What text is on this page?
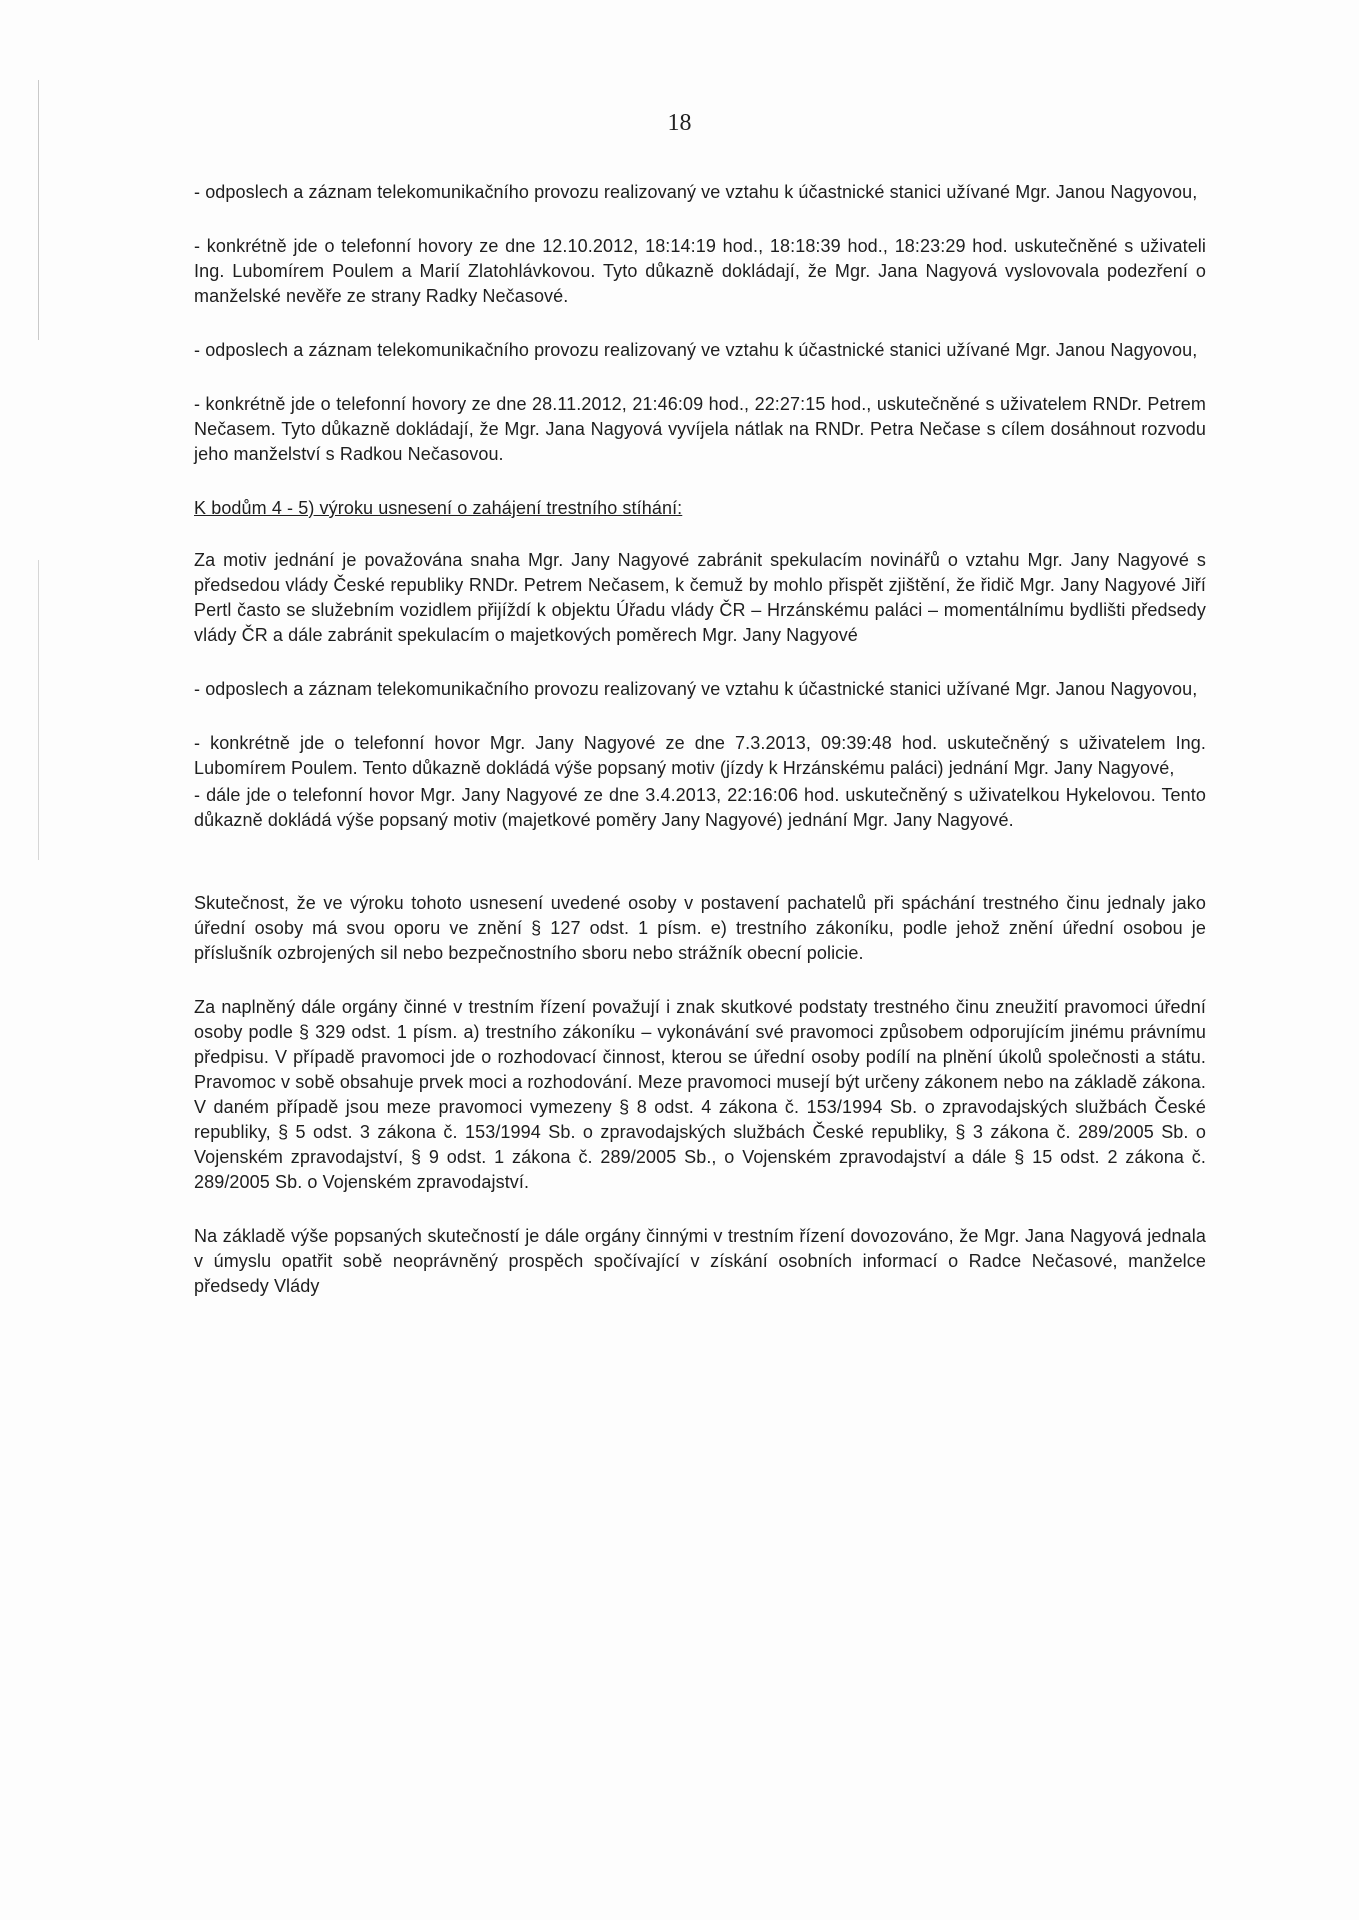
18

- odposlech a záznam telekomunikačního provozu realizovaný ve vztahu k účastnické stanici užívané Mgr. Janou Nagyovou,

- konkrétně jde o telefonní hovory ze dne 12.10.2012, 18:14:19 hod., 18:18:39 hod., 18:23:29 hod. uskutečněné s uživateli Ing. Lubomírem Poulem a Marií Zlatohlávkovou. Tyto důkazně dokládají, že Mgr. Jana Nagyová vyslovovala podezření o manželské nevěře ze strany Radky Nečasové.

- odposlech a záznam telekomunikačního provozu realizovaný ve vztahu k účastnické stanici užívané Mgr. Janou Nagyovou,

- konkrétně jde o telefonní hovory ze dne 28.11.2012, 21:46:09 hod., 22:27:15 hod., uskutečněné s uživatelem RNDr. Petrem Nečasem. Tyto důkazně dokládají, že Mgr. Jana Nagyová vyvíjela nátlak na RNDr. Petra Nečase s cílem dosáhnout rozvodu jeho manželství s Radkou Nečasovou.

K bodům 4 - 5) výroku usnesení o zahájení trestního stíhání:

Za motiv jednání je považována snaha Mgr. Jany Nagyové zabránit spekulacím novinářů o vztahu Mgr. Jany Nagyové s předsedou vlády České republiky RNDr. Petrem Nečasem, k čemuž by mohlo přispět zjištění, že řidič Mgr. Jany Nagyové Jiří Pertl často se služebním vozidlem přijíždí k objektu Úřadu vlády ČR – Hrzánskému paláci – momentálnímu bydlišti předsedy vlády ČR a dále zabránit spekulacím o majetkových poměrech Mgr. Jany Nagyové

- odposlech a záznam telekomunikačního provozu realizovaný ve vztahu k účastnické stanici užívané Mgr. Janou Nagyovou,

- konkrétně jde o telefonní hovor Mgr. Jany Nagyové ze dne 7.3.2013, 09:39:48 hod. uskutečněný s uživatelem Ing. Lubomírem Poulem. Tento důkazně dokládá výše popsaný motiv (jízdy k Hrzánskému paláci) jednání Mgr. Jany Nagyové,

- dále jde o telefonní hovor Mgr. Jany Nagyové ze dne 3.4.2013, 22:16:06 hod. uskutečněný s uživatelkou Hykelovou. Tento důkazně dokládá výše popsaný motiv (majetkové poměry Jany Nagyové) jednání Mgr. Jany Nagyové.

Skutečnost, že ve výroku tohoto usnesení uvedené osoby v postavení pachatelů při spáchání trestného činu jednaly jako úřední osoby má svou oporu ve znění § 127 odst. 1 písm. e) trestního zákoníku, podle jehož znění úřední osobou je příslušník ozbrojených sil nebo bezpečnostního sboru nebo strážník obecní policie.

Za naplněný dále orgány činné v trestním řízení považují i znak skutkové podstaty trestného činu zneužití pravomoci úřední osoby podle § 329 odst. 1 písm. a) trestního zákoníku – vykonávání své pravomoci způsobem odporujícím jinému právnímu předpisu. V případě pravomoci jde o rozhodovací činnost, kterou se úřední osoby podílí na plnění úkolů společnosti a státu. Pravomoc v sobě obsahuje prvek moci a rozhodování. Meze pravomoci musejí být určeny zákonem nebo na základě zákona. V daném případě jsou meze pravomoci vymezeny § 8 odst. 4 zákona č. 153/1994 Sb. o zpravodajských službách České republiky, § 5 odst. 3 zákona č. 153/1994 Sb. o zpravodajských službách České republiky, § 3 zákona č. 289/2005 Sb. o Vojenském zpravodajství, § 9 odst. 1 zákona č. 289/2005 Sb., o Vojenském zpravodajství a dále § 15 odst. 2 zákona č. 289/2005 Sb. o Vojenském zpravodajství.

Na základě výše popsaných skutečností je dále orgány činnými v trestním řízení dovozováno, že Mgr. Jana Nagyová jednala v úmyslu opatřit sobě neoprávněný prospěch spočívající v získání osobních informací o Radce Nečasové, manželce předsedy Vlády
